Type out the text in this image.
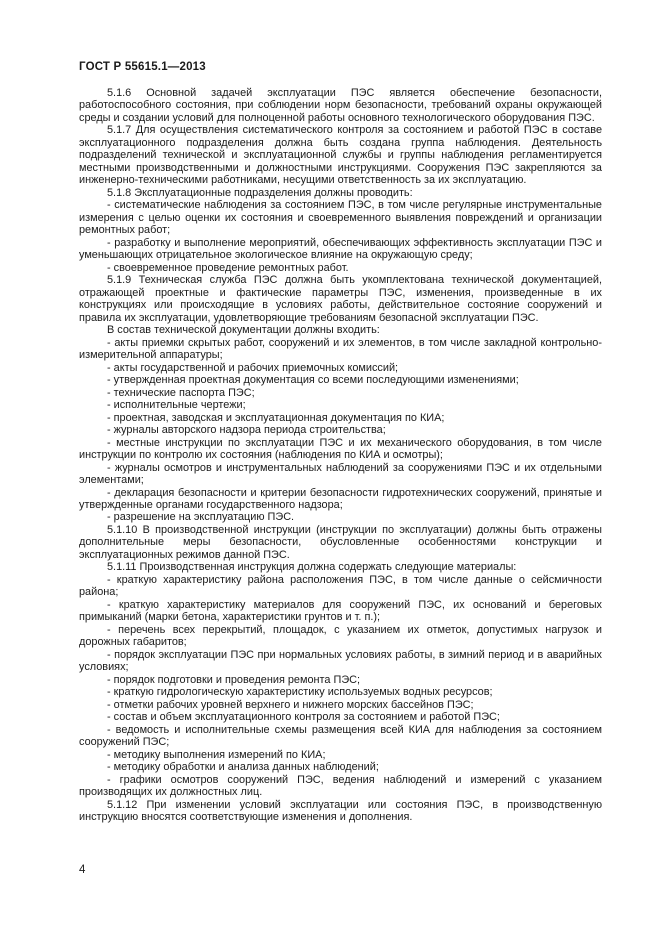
ГОСТ Р 55615.1—2013

5.1.6 Основной задачей эксплуатации ПЭС является обеспечение безопасности, работоспособного состояния, при соблюдении норм безопасности, требований охраны окружающей среды и создании условий для полноценной работы основного технологического оборудования ПЭС.

5.1.7 Для осуществления систематического контроля за состоянием и работой ПЭС в составе эксплуатационного подразделения должна быть создана группа наблюдения. Деятельность подразделений технической и эксплуатационной службы и группы наблюдения регламентируется местными производственными и должностными инструкциями. Сооружения ПЭС закрепляются за инженерно-техническими работниками, несущими ответственность за их эксплуатацию.

5.1.8 Эксплуатационные подразделения должны проводить:

- систематические наблюдения за состоянием ПЭС, в том числе регулярные инструментальные измерения с целью оценки их состояния и своевременного выявления повреждений и организации ремонтных работ;

- разработку и выполнение мероприятий, обеспечивающих эффективность эксплуатации ПЭС и уменьшающих отрицательное экологическое влияние на окружающую среду;

- своевременное проведение ремонтных работ.

5.1.9 Техническая служба ПЭС должна быть укомплектована технической документацией, отражающей проектные и фактические параметры ПЭС, изменения, произведенные в их конструкциях или происходящие в условиях работы, действительное состояние сооружений и правила их эксплуатации, удовлетворяющие требованиям безопасной эксплуатации ПЭС.

В состав технической документации должны входить:

- акты приемки скрытых работ, сооружений и их элементов, в том числе закладной контрольно-измерительной аппаратуры;

- акты государственной и рабочих приемочных комиссий;

- утвержденная проектная документация со всеми последующими изменениями;

- технические паспорта ПЭС;

- исполнительные чертежи;

- проектная, заводская и эксплуатационная документация по КИА;

- журналы авторского надзора периода строительства;

- местные инструкции по эксплуатации ПЭС и их механического оборудования, в том числе инструкции по контролю их состояния (наблюдения по КИА и осмотры);

- журналы осмотров и инструментальных наблюдений за сооружениями ПЭС и их отдельными элементами;

- декларация безопасности и критерии безопасности гидротехнических сооружений, принятые и утвержденные органами государственного надзора;

- разрешение на эксплуатацию ПЭС.

5.1.10 В производственной инструкции (инструкции по эксплуатации) должны быть отражены дополнительные меры безопасности, обусловленные особенностями конструкции и эксплуатационных режимов данной ПЭС.

5.1.11 Производственная инструкция должна содержать следующие материалы:

- краткую характеристику района расположения ПЭС, в том числе данные о сейсмичности района;

- краткую характеристику материалов для сооружений ПЭС, их оснований и береговых примыканий (марки бетона, характеристики грунтов и т. п.);

- перечень всех перекрытий, площадок, с указанием их отметок, допустимых нагрузок и дорожных габаритов;

- порядок эксплуатации ПЭС при нормальных условиях работы, в зимний период и в аварийных условиях;

- порядок подготовки и проведения ремонта ПЭС;

- краткую гидрологическую характеристику используемых водных ресурсов;

- отметки рабочих уровней верхнего и нижнего морских бассейнов ПЭС;

- состав и объем эксплуатационного контроля за состоянием и работой ПЭС;

- ведомость и исполнительные схемы размещения всей КИА для наблюдения за состоянием сооружений ПЭС;

- методику выполнения измерений по КИА;

- методику обработки и анализа данных наблюдений;

- графики осмотров сооружений ПЭС, ведения наблюдений и измерений с указанием производящих их должностных лиц.

5.1.12 При изменении условий эксплуатации или состояния ПЭС, в производственную инструкцию вносятся соответствующие изменения и дополнения.

4
